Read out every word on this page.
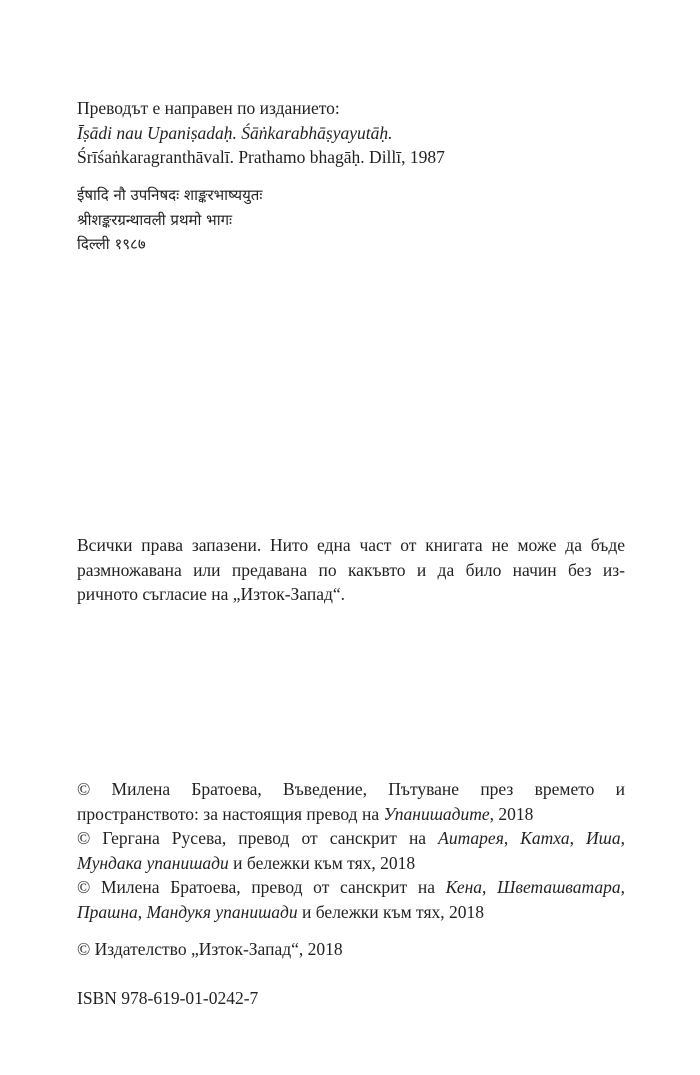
Преводът е направен по изданието:
Īṣādi nau Upaniṣadaḥ. Śāṅkarabhāṣyayutāḥ.
Śrīśaṅkaragranthāvalī. Prathamo bhagāḥ. Dillī, 1987
ईषादि नौ उपनिषदः शाङ्करभाष्ययुतः
श्रीशङ्करग्रन्थावली प्रथमो भागः
दिल्ली १९८७
Всички права запазени. Нито една част от книгата не може да бъде
размножавана или предавана по какъвто и да било начин без из-
ричното съгласие на „Изток-Запад“.
© Милена Братоева, Въведение, Пътуване през времето и
пространството: за настоящия превод на Упанишадите, 2018
© Гергана Русева, превод от санскрит на Аитарея, Катха, Иша,
Мундака упанишади и бележки към тях, 2018
© Милена Братоева, превод от санскрит на Кена, Шветашватара,
Прашна, Мандукя упанишади и бележки към тях, 2018
© Издателство „Изток-Запад“, 2018
ISBN 978-619-01-0242-7
